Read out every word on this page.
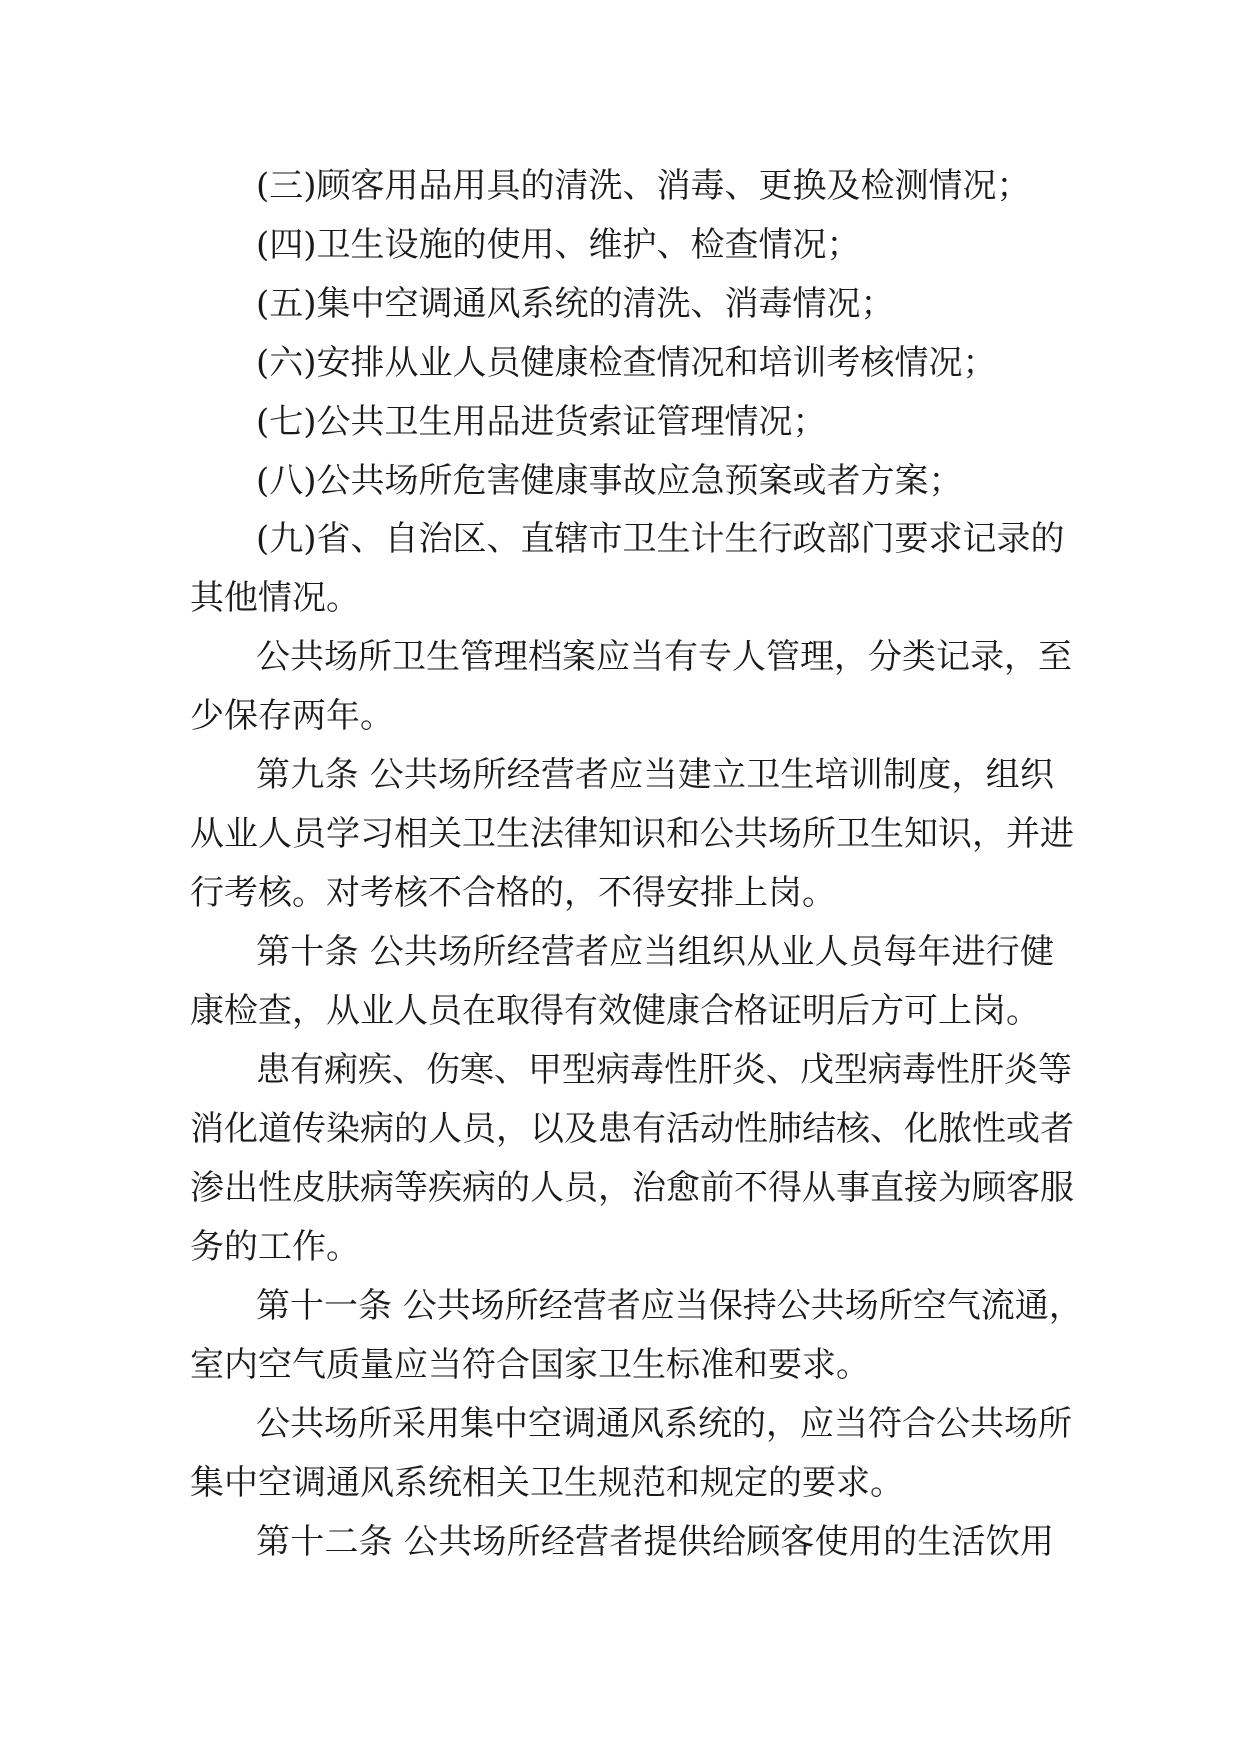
(三)顾客用品用具的清洗、消毒、更换及检测情况；
(四)卫生设施的使用、维护、检查情况；
(五)集中空调通风系统的清洗、消毒情况；
(六)安排从业人员健康检查情况和培训考核情况；
(七)公共卫生用品进货索证管理情况；
(八)公共场所危害健康事故应急预案或者方案；
(九)省、自治区、直辖市卫生计生行政部门要求记录的
其他情况。
公共场所卫生管理档案应当有专人管理，分类记录，至
少保存两年。
第九条 公共场所经营者应当建立卫生培训制度，组织
从业人员学习相关卫生法律知识和公共场所卫生知识，并进
行考核。对考核不合格的，不得安排上岗。
第十条 公共场所经营者应当组织从业人员每年进行健
康检查，从业人员在取得有效健康合格证明后方可上岗。
患有痢疾、伤寒、甲型病毒性肝炎、戊型病毒性肝炎等
消化道传染病的人员，以及患有活动性肺结核、化脓性或者
渗出性皮肤病等疾病的人员，治愈前不得从事直接为顾客服
务的工作。
第十一条 公共场所经营者应当保持公共场所空气流通，
室内空气质量应当符合国家卫生标准和要求。
公共场所采用集中空调通风系统的，应当符合公共场所
集中空调通风系统相关卫生规范和规定的要求。
第十二条 公共场所经营者提供给顾客使用的生活饮用
